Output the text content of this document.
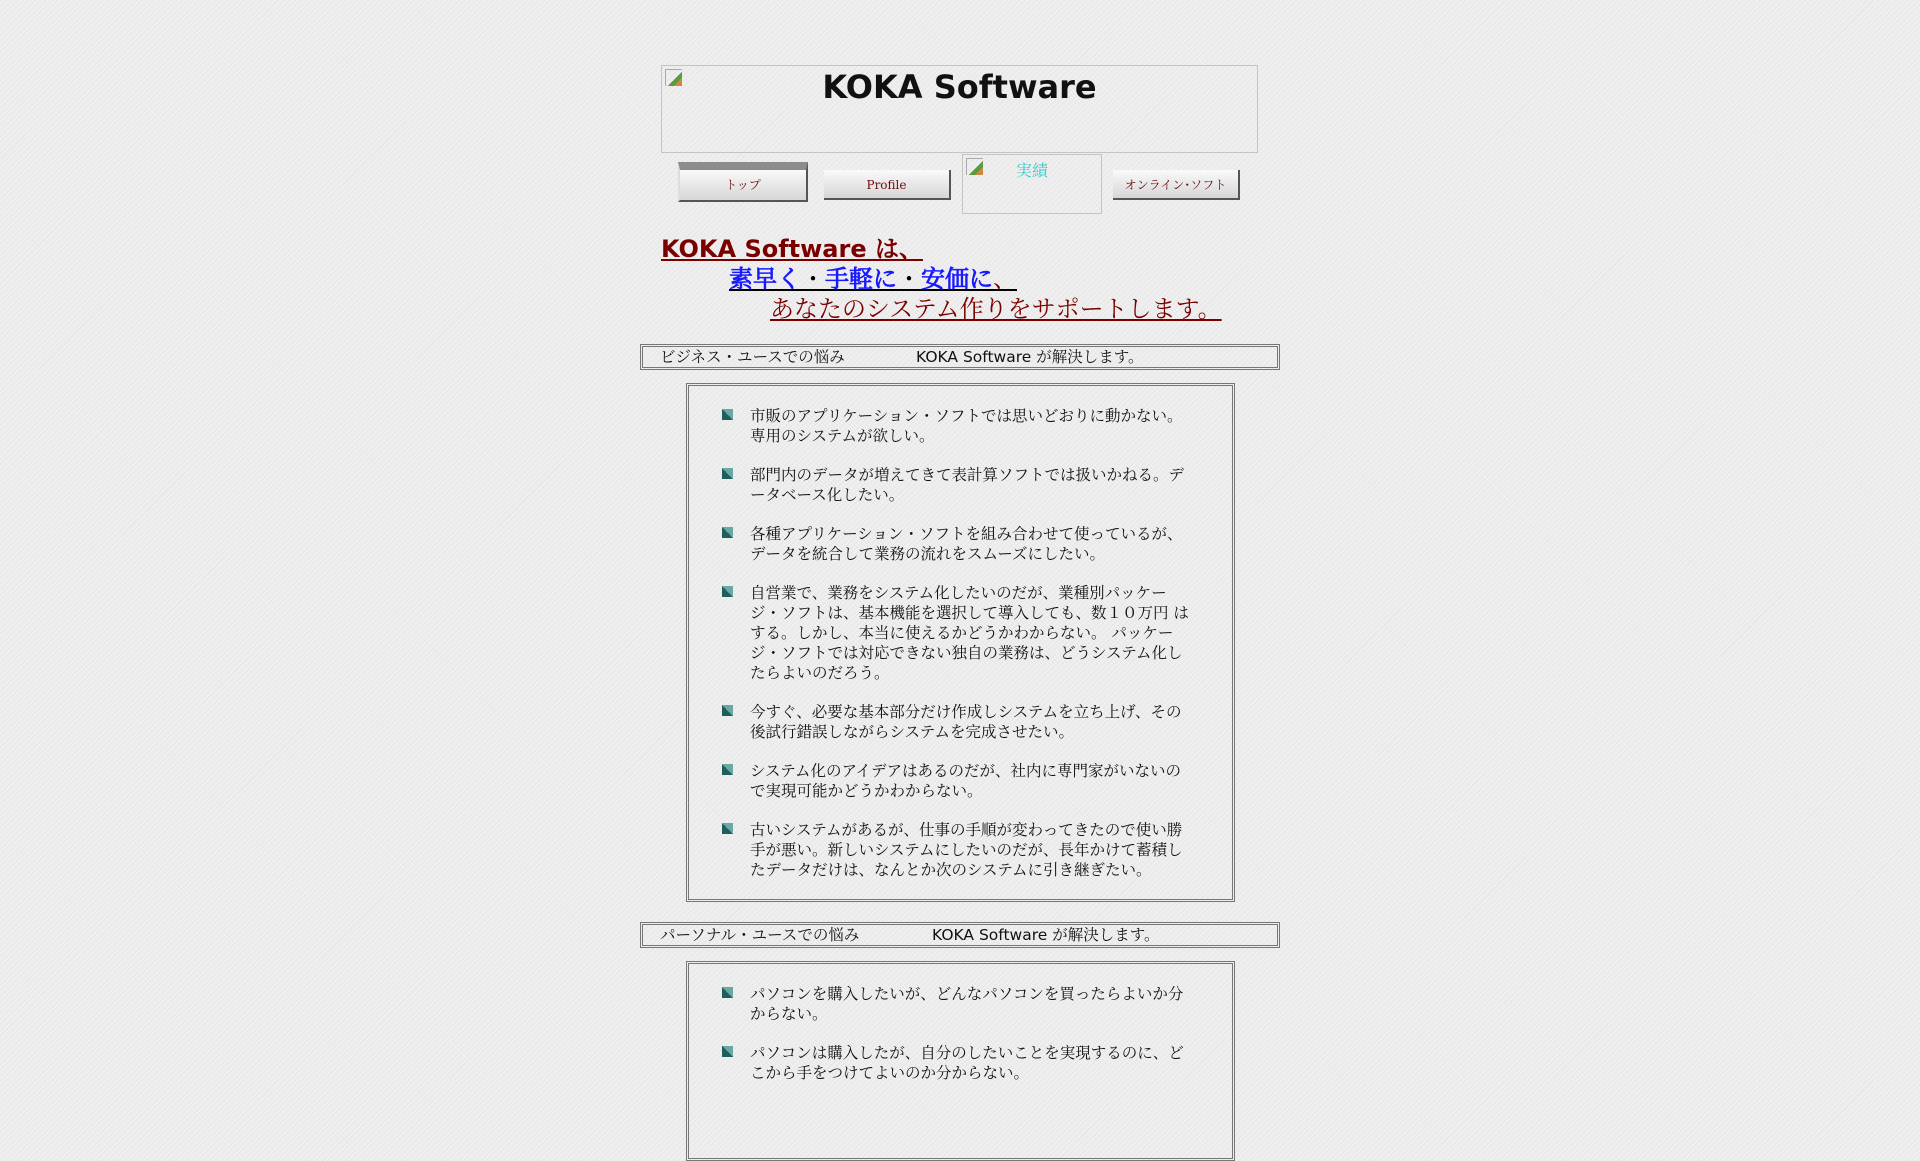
KOKA Software
トップ	Profile
実績
オンライン･ソフト
KOKA Software は、
素早く・手軽に・安価に、
あなたのシステム作りをサポートします。
ビジネス・ユースでの悩み	KOKA Software が解決します。
市販のアプリケーション・ソフトでは思いどおりに動かない。
専用のシステムが欲しい。
部門内のデータが増えてきて表計算ソフトでは扱いかねる。デ
ータベース化したい。
各種アプリケーション・ソフトを組み合わせて使っているが、
データを統合して業務の流れをスムーズにしたい。
自営業で、業務をシステム化したいのだが、業種別パッケー
ジ・ソフトは、基本機能を選択して導入しても、数１０万円 は
する。しかし、本当に使えるかどうかわからない。 パッケー
ジ・ソフトでは対応できない独自の業務は、どうシステム化し
たらよいのだろう。
今すぐ、必要な基本部分だけ作成しシステムを立ち上げ、その
後試行錯誤しながらシステムを完成させたい。
システム化のアイデアはあるのだが、社内に専門家がいないの
で実現可能かどうかわからない。
古いシステムがあるが、仕事の手順が変わってきたので使い勝
手が悪い。新しいシステムにしたいのだが、長年かけて蓄積し
たデータだけは、なんとか次のシステムに引き継ぎたい。
パーソナル・ユースでの悩み	KOKA Software が解決します。
パソコンを購入したいが、どんなパソコンを買ったらよいか分
からない。
パソコンは購入したが、自分のしたいことを実現するのに、ど
こから手をつけてよいのか分からない。
